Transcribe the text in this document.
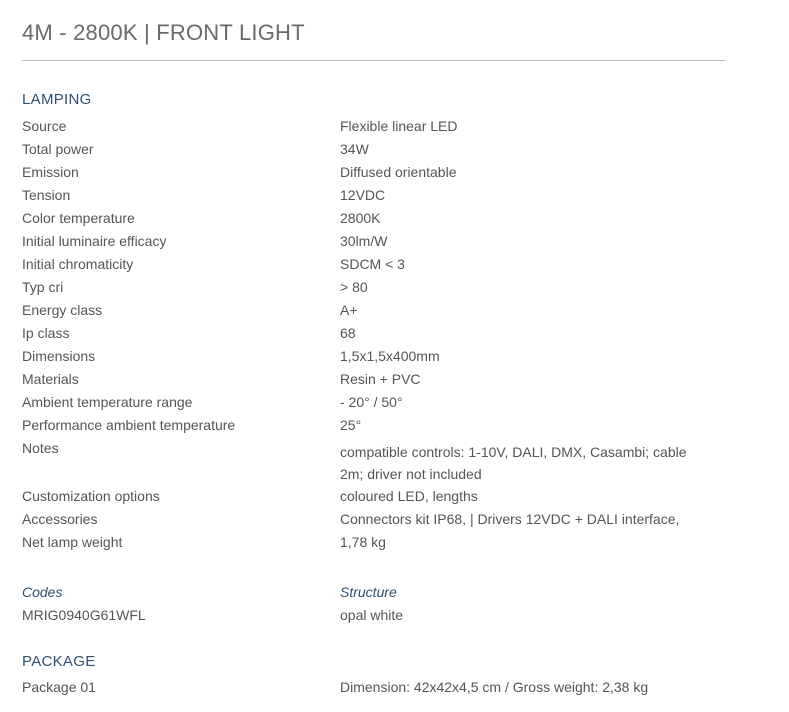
4M - 2800K | FRONT LIGHT
LAMPING
Source	Flexible linear LED
Total power	34W
Emission	Diffused orientable
Tension	12VDC
Color temperature	2800K
Initial luminaire efficacy	30lm/W
Initial chromaticity	SDCM < 3
Typ cri	> 80
Energy class	A+
Ip class	68
Dimensions	1,5x1,5x400mm
Materials	Resin + PVC
Ambient temperature range	- 20° / 50°
Performance ambient temperature	25°
Notes	compatible controls: 1-10V, DALI, DMX, Casambi; cable 2m; driver not included
Customization options	coloured LED, lengths
Accessories	Connectors kit IP68, | Drivers 12VDC + DALI interface,
Net lamp weight	1,78 kg
Codes	Structure
MRIG0940G61WFL	opal white
PACKAGE
Package 01	Dimension: 42x42x4,5 cm / Gross weight: 2,38 kg
